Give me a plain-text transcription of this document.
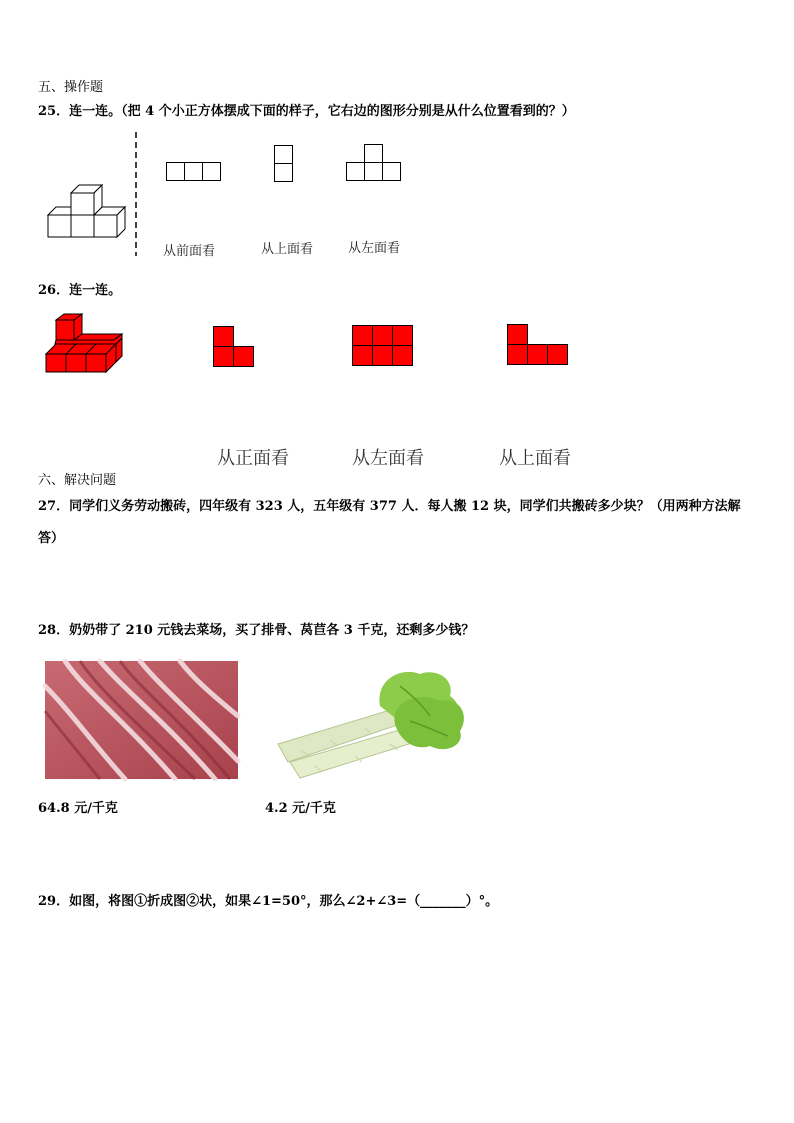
五、操作题
25．连一连。（把 4 个小正方体摆成下面的样子，它右边的图形分别是从什么位置看到的？）
从前面看	从上面看	从左面看
26．连一连。
从正面看	从左面看	从上面看
六、解决问题
27．同学们义务劳动搬砖，四年级有 323 人，五年级有 377 人．每人搬 12 块，同学们共搬砖多少块？（用两种方法解
答）
28．奶奶带了 210 元钱去菜场，买了排骨、莴苣各 3 千克，还剩多少钱？
64.8 元/千克	4.2 元/千克
29．如图，将图①折成图②状，如果∠1=50°，那么∠2+∠3=（_______）°。
